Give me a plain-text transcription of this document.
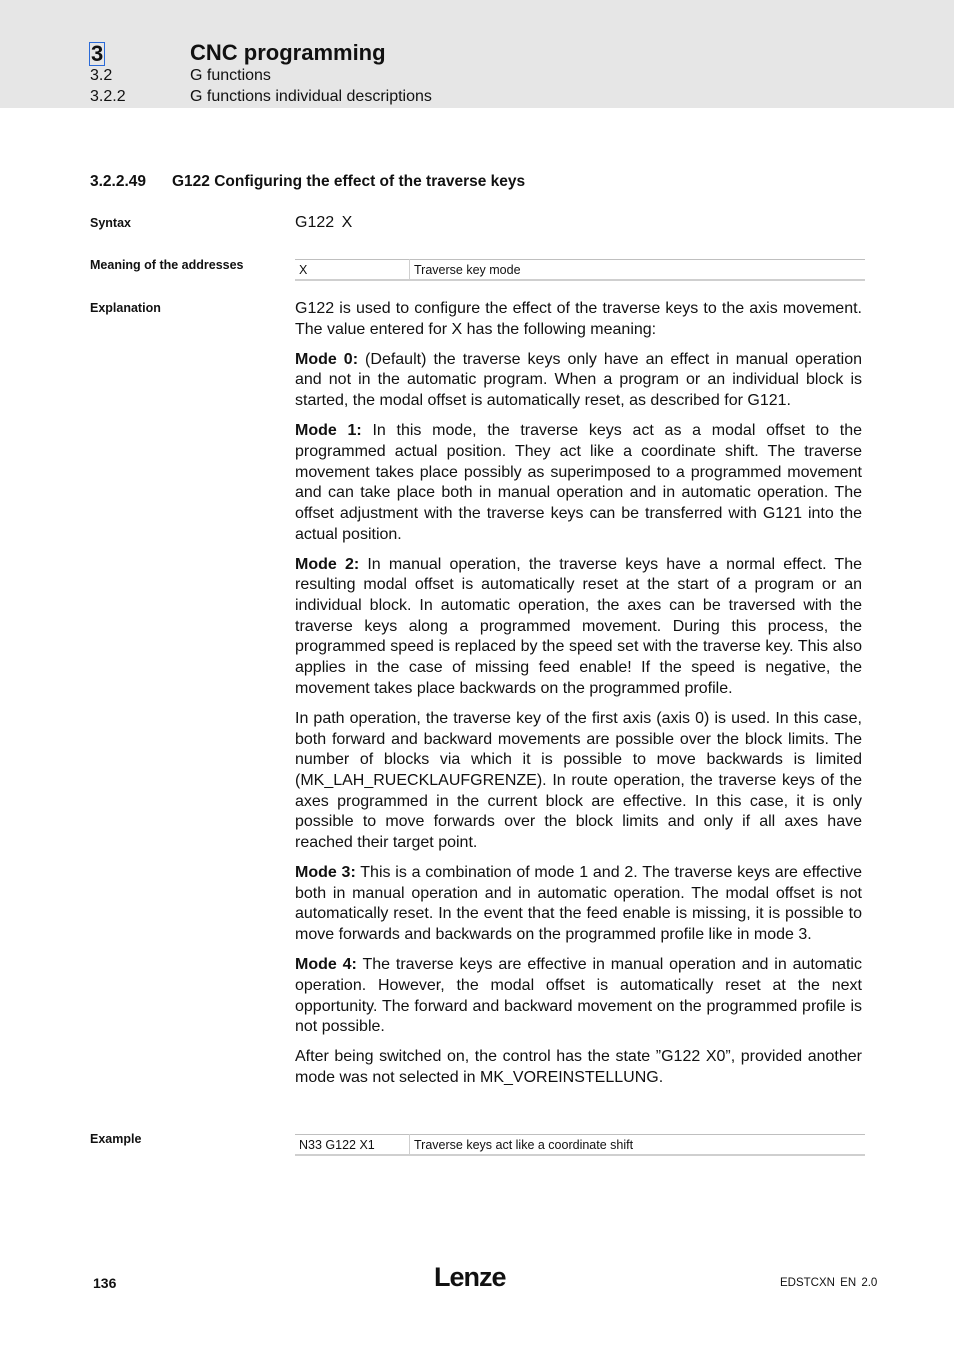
3	CNC programming
3.2	G functions
3.2.2	G functions individual descriptions
3.2.2.49 G122 Configuring the effect of the traverse keys
Syntax	G122 X
Meaning of the addresses	X	Traverse key mode
Explanation	G122 is used to configure the effect of the traverse keys to the axis movement. The value entered for X has the following meaning:

Mode 0: (Default) the traverse keys only have an effect in manual operation and not in the automatic program. When a program or an individual block is started, the modal offset is automatically reset, as described for G121.

Mode 1: In this mode, the traverse keys act as a modal offset to the programmed actual position. They act like a coordinate shift. The traverse movement takes place possibly as superimposed to a programmed movement and can take place both in manual operation and in automatic operation. The offset adjustment with the traverse keys can be transferred with G121 into the actual position.

Mode 2: In manual operation, the traverse keys have a normal effect. The resulting modal offset is automatically reset at the start of a program or an individual block. In automatic operation, the axes can be traversed with the traverse keys along a programmed movement. During this process, the programmed speed is replaced by the speed set with the traverse key. This also applies in the case of missing feed enable! If the speed is negative, the movement takes place backwards on the programmed profile.

In path operation, the traverse key of the first axis (axis 0) is used. In this case, both forward and backward movements are possible over the block limits. The number of blocks via which it is possible to move backwards is limited (MK_LAH_RUECKLAUFGRENZE). In route operation, the traverse keys of the axes programmed in the current block are effective. In this case, it is only possible to move forwards over the block limits and only if all axes have reached their target point.

Mode 3: This is a combination of mode 1 and 2. The traverse keys are effective both in manual operation and in automatic operation. The modal offset is not automatically reset. In the event that the feed enable is missing, it is possible to move forwards and backwards on the programmed profile like in mode 3.

Mode 4: The traverse keys are effective in manual operation and in automatic operation. However, the modal offset is automatically reset at the next opportunity. The forward and backward movement on the programmed profile is not possible.

After being switched on, the control has the state ”G122 X0”, provided another mode was not selected in MK_VOREINSTELLUNG.

Example	N33 G122 X1	Traverse keys act like a coordinate shift
136	Lenze	EDSTCXN EN 2.0
